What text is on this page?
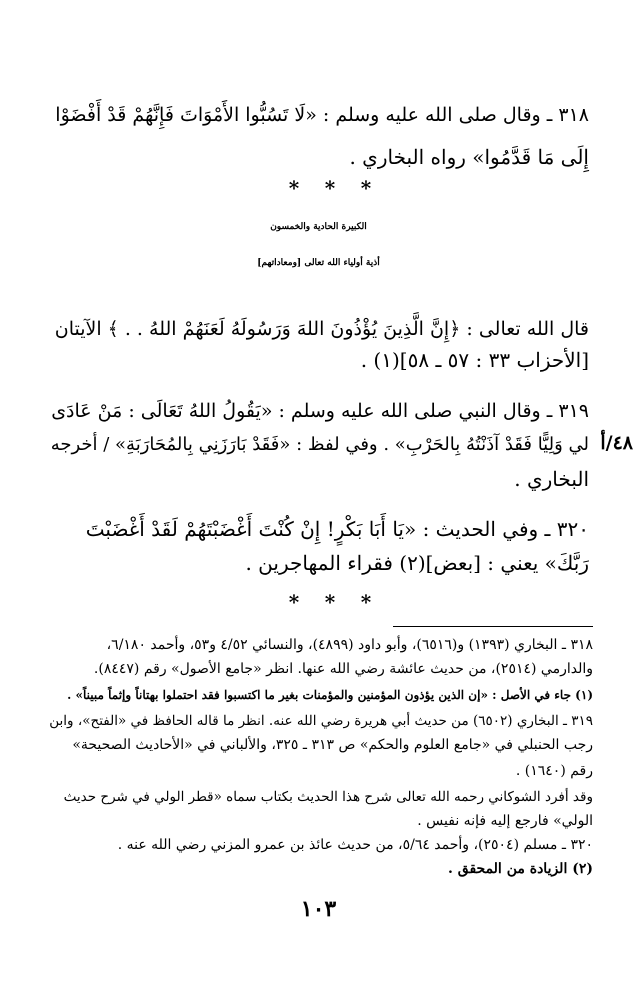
٣١٨ ـ وقال صلى الله عليه وسلم : «لَا تَسُبُّوا الأَمْوَاتَ فَإِنَّهُمْ قَدْ أَفْضَوْا
إِلَى مَا قَدَّمُوا» رواه البخاري .
* * *
الكبيرة الحادية والخمسون
أذية أولياء الله تعالى [ومعاداتهم]
قال الله تعالى : ﴿إِنَّ الَّذِينَ يُؤْذُونَ اللهَ وَرَسُولَهُ لَعَنَهُمْ اللهُ . . ﴾ الآيتان
[الأحزاب ٣٣ : ٥٧ ـ ٥٨](١) .
٣١٩ ـ وقال النبي صلى الله عليه وسلم : «يَقُولُ اللهُ تَعَالَى : مَنْ عَادَى
لي وَلِيًّا فَقَدْ آذَنْتُهُ بِالحَرْبِ» . وفي لفظ : «فَقَدْ بَارَزَنِي بِالمُحَارَبَةِ» / أخرجه
البخاري .
٤٨/أ
٣٢٠ ـ وفي الحديث : «يَا أَبَا بَكْرٍ! إِنْ كُنْتَ أَغْضَبْتَهُمْ لَقَدْ أَغْضَبْتَ
رَبَّكَ» يعني : [بعض](٢) فقراء المهاجرين .
* * *
٣١٨ ـ البخاري (١٣٩٣) و(٦٥١٦)، وأبو داود (٤٨٩٩)، والنسائي ٤/٥٢ و٥٣، وأحمد ٦/١٨٠،
والدارمي (٢٥١٤)، من حديث عائشة رضي الله عنها. انظر «جامع الأصول» رقم (٨٤٤٧).
(١) جاء في الأصل : «إن الذين يؤذون المؤمنين والمؤمنات بغير ما اكتسبوا فقد احتملوا بهتاناً وإثماً مبيناً» .
٣١٩ ـ البخاري (٦٥٠٢) من حديث أبي هريرة رضي الله عنه. انظر ما قاله الحافظ في «الفتح»، وابن
رجب الحنبلي في «جامع العلوم والحكم» ص ٣١٣ ـ ٣٢٥، والألباني في «الأحاديث الصحيحة»
رقم (١٦٤٠) .
وقد أفرد الشوكاني رحمه الله تعالى شرح هذا الحديث بكتاب سماه «قطر الولي في شرح حديث
الولي» فارجع إليه فإنه نفيس .
٣٢٠ ـ مسلم (٢٥٠٤)، وأحمد ٥/٦٤، من حديث عائذ بن عمرو المزني رضي الله عنه .
(٢) الزيادة من المحقق .
١٠٣
